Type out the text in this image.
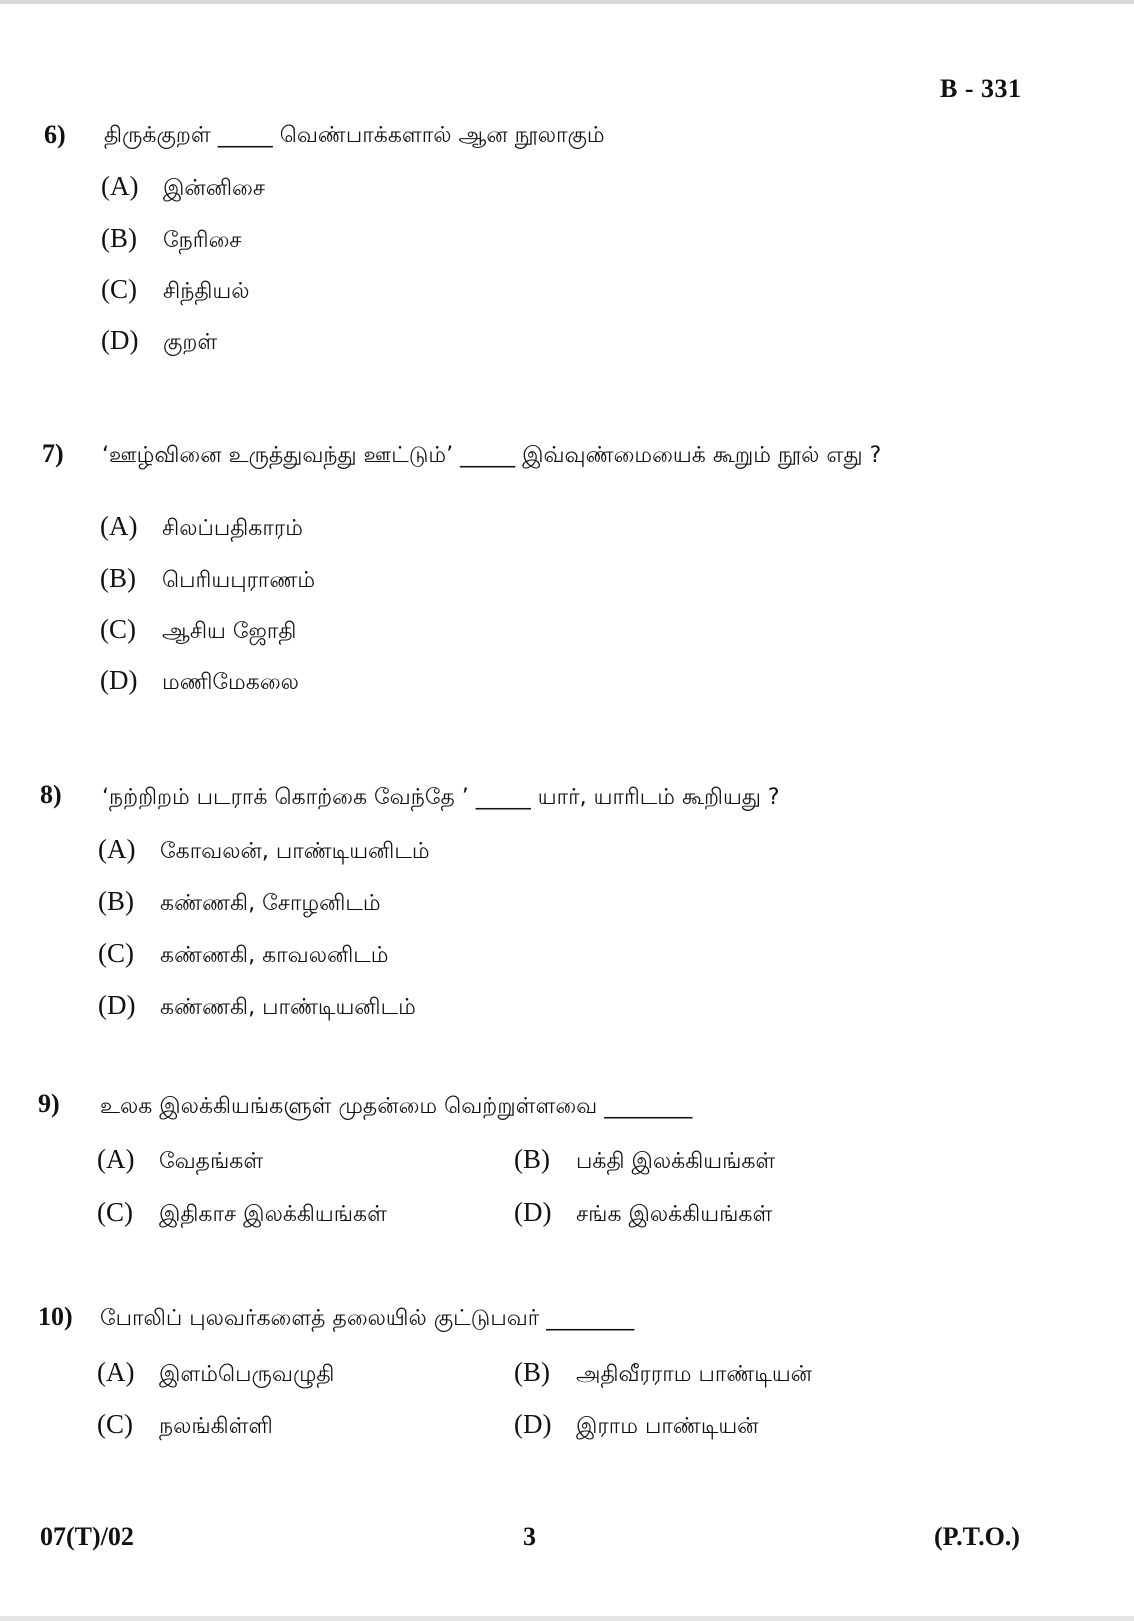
B - 331
6) திருக்குறள் _____ வெண்பாக்களால் ஆன நூலாகும்
(A) இன்னிசை
(B) நேரிசை
(C) சிந்தியல்
(D) குறள்
7) ‘ஊழ்வினை உருத்துவந்து ஊட்டும்’ _____ இவ்வுண்மையைக் கூறும் நூல் எது ?
(A) சிலப்பதிகாரம்
(B) பெரியபுராணம்
(C) ஆசிய ஜோதி
(D) மணிமேகலை
8) ‘நற்றிறம் படராக் கொற்கை வேந்தே ’ _____ யார், யாரிடம் கூறியது ?
(A) கோவலன், பாண்டியனிடம்
(B) கண்ணகி, சோழனிடம்
(C) கண்ணகி, காவலனிடம்
(D) கண்ணகி, பாண்டியனிடம்
9) உலக இலக்கியங்களுள் முதன்மை வெற்றுள்ளவை ________
(A) வேதங்கள்	(B) பக்தி இலக்கியங்கள்
(C) இதிகாச இலக்கியங்கள்	(D) சங்க இலக்கியங்கள்
10) போலிப் புலவர்களைத் தலையில் குட்டுபவர் ________
(A) இளம்பெருவழுதி	(B) அதிவீரராம பாண்டியன்
(C) நலங்கிள்ளி	(D) இராம பாண்டியன்
07(T)/02	3	(P.T.O.)
